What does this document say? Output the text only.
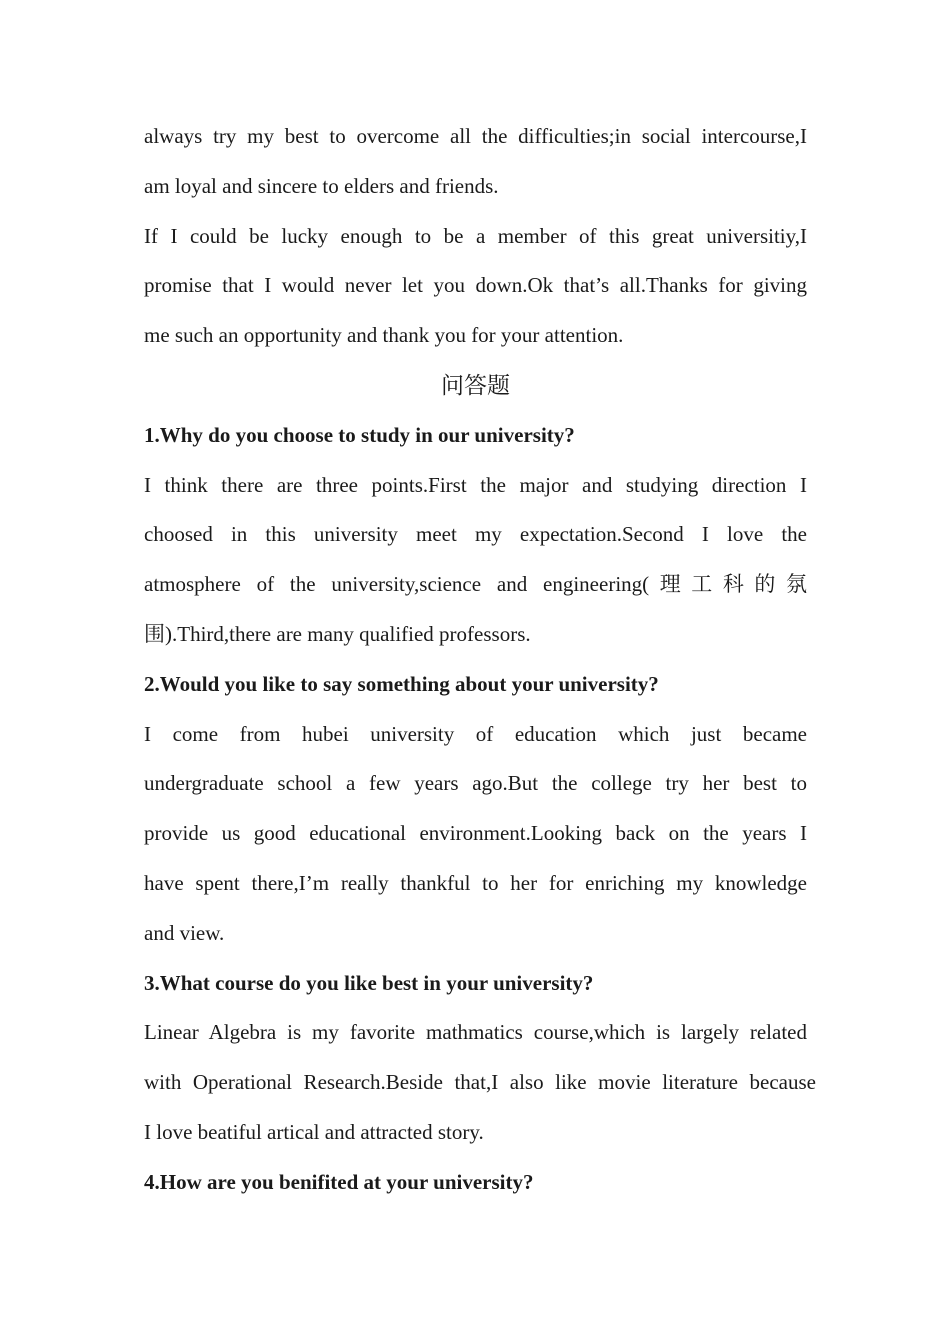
always try my best to overcome all the difficulties;in social intercourse,I
am loyal and sincere to elders and friends.
If I could be lucky enough to be a member of this great universitiy,I
promise that I would never let you down.Ok that’s all.Thanks for giving
me such an opportunity and thank you for your attention.
问答题
1.Why do you choose to study in our university?
I think there are three points.First the major and studying direction I
choosed in this university meet my expectation.Second I love the
atmosphere of the university,science and engineering(理工科的氛
围).Third,there are many qualified professors.
2.Would you like to say something about your university?
I come from hubei university of education which just became
undergraduate school a few years ago.But the college try her best to
provide us good educational environment.Looking back on the years I
have spent there,I’m really thankful to her for enriching my knowledge
and view.
3.What course do you like best in your university?
Linear Algebra is my favorite mathmatics course,which is largely related
with Operational Research.Beside that,I also like movie literature because
I love beatiful artical and attracted story.
4.How are you benifited at your university?
